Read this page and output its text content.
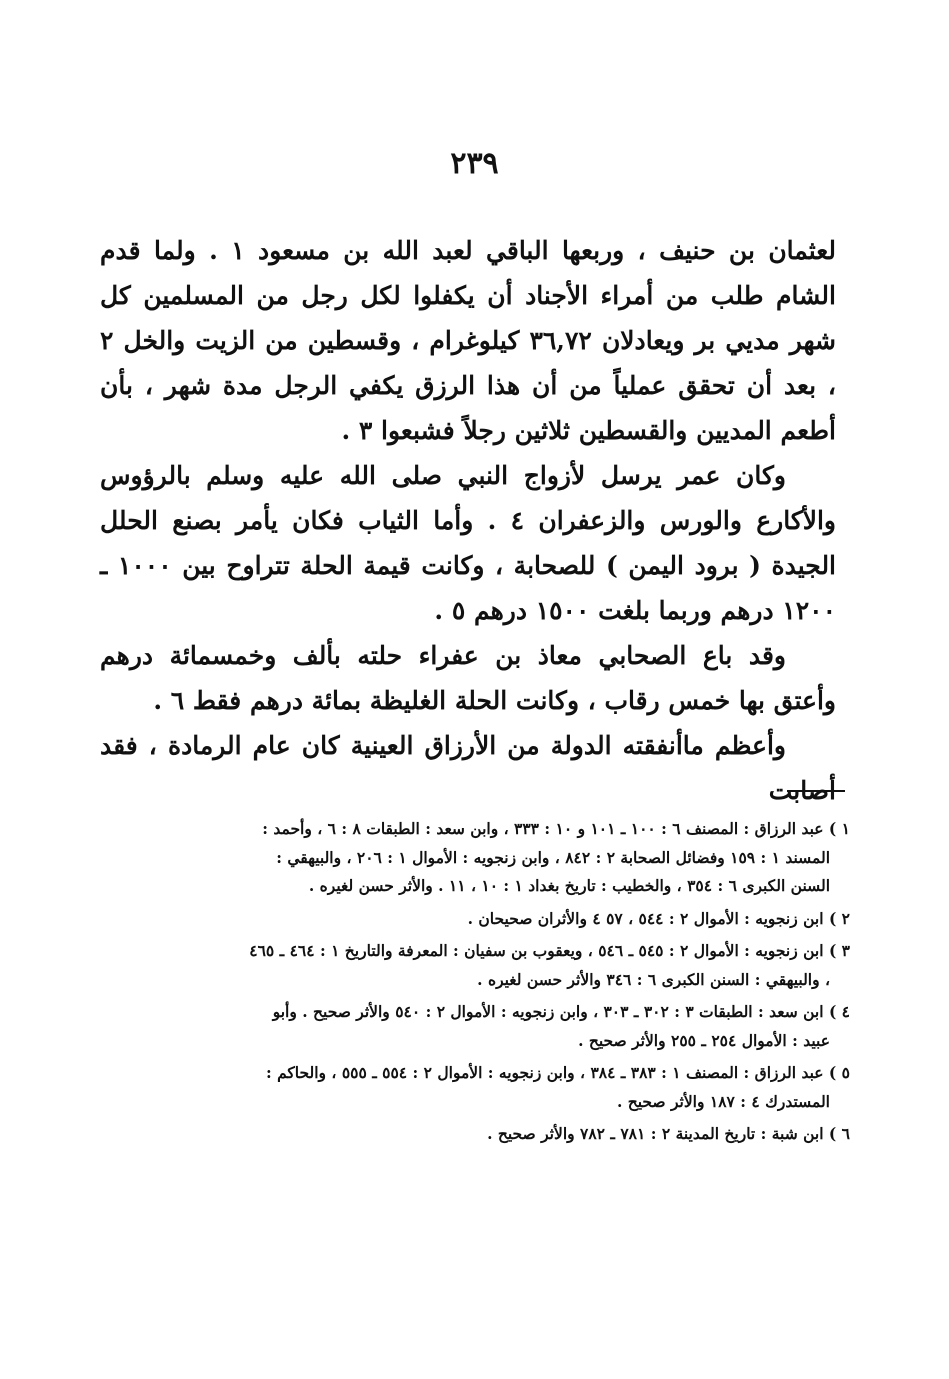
٢٣٩

لعثمان بن حنيف ، وربعها الباقي لعبد الله بن مسعود ١ . ولما قدم الشام طلب من أمراء الأجناد أن يكفلوا لكل رجل من المسلمين كل شهر مديي بر ويعادلان ٣٦,٧٢ كيلوغرام ، وقسطين من الزيت والخل ٢ ، بعد أن تحقق عملياً من أن هذا الرزق يكفي الرجل مدة شهر ، بأن أطعم المديين والقسطين ثلاثين رجلاً فشبعوا ٣ .

وكان عمر يرسل لأزواج النبي صلى الله عليه وسلم بالرؤوس والأكارع والورس والزعفران ٤ . وأما الثياب فكان يأمر بصنع الحلل الجيدة ( برود اليمن ) للصحابة ، وكانت قيمة الحلة تتراوح بين ١٠٠٠ ـ ١٢٠٠ درهم وربما بلغت ١٥٠٠ درهم ٥ .

وقد باع الصحابي معاذ بن عفراء حلته بألف وخمسمائة درهم وأعتق بها خمس رقاب ، وكانت الحلة الغليظة بمائة درهم فقط ٦ .

وأعظم ماأنفقته الدولة من الأرزاق العينية كان عام الرمادة ، فقد أصابت

١ ) عبد الرزاق : المصنف ٦ : ١٠٠ ـ ١٠١ و ١٠ : ٣٣٣ ، وابن سعد : الطبقات ٨ : ٦ ، وأحمد :
المسند ١ : ١٥٩ وفضائل الصحابة ٢ : ٨٤٢ ، وابن زنجويه : الأموال ١ : ٢٠٦ ، والبيهقي :
السنن الكبرى ٦ : ٣٥٤ ، والخطيب : تاريخ بغداد ١ : ١٠ ، ١١ . والأثر حسن لغيره .
٢ ) ابن زنجويه : الأموال ٢ : ٥٤٤ ، ٥٧ ٤ والأثران صحيحان .
٣ ) ابن زنجويه : الأموال ٢ : ٥٤٥ ـ ٥٤٦ ، ويعقوب بن سفيان : المعرفة والتاريخ ١ : ٤٦٤ ـ ٤٦٥
، والبيهقي : السنن الكبرى ٦ : ٣٤٦ والأثر حسن لغيره .
٤ ) ابن سعد : الطبقات ٣ : ٣٠٢ ـ ٣٠٣ ، وابن زنجويه : الأموال ٢ : ٥٤٠ والأثر صحيح . وأبو
عبيد : الأموال ٢٥٤ ـ ٢٥٥ والأثر صحيح .
٥ ) عبد الرزاق : المصنف ١ : ٣٨٣ ـ ٣٨٤ ، وابن زنجويه : الأموال ٢ : ٥٥٤ ـ ٥٥٥ ، والحاكم :
المستدرك ٤ : ١٨٧ والأثر صحيح .
٦ ) ابن شبة : تاريخ المدينة ٢ : ٧٨١ ـ ٧٨٢ والأثر صحيح .
